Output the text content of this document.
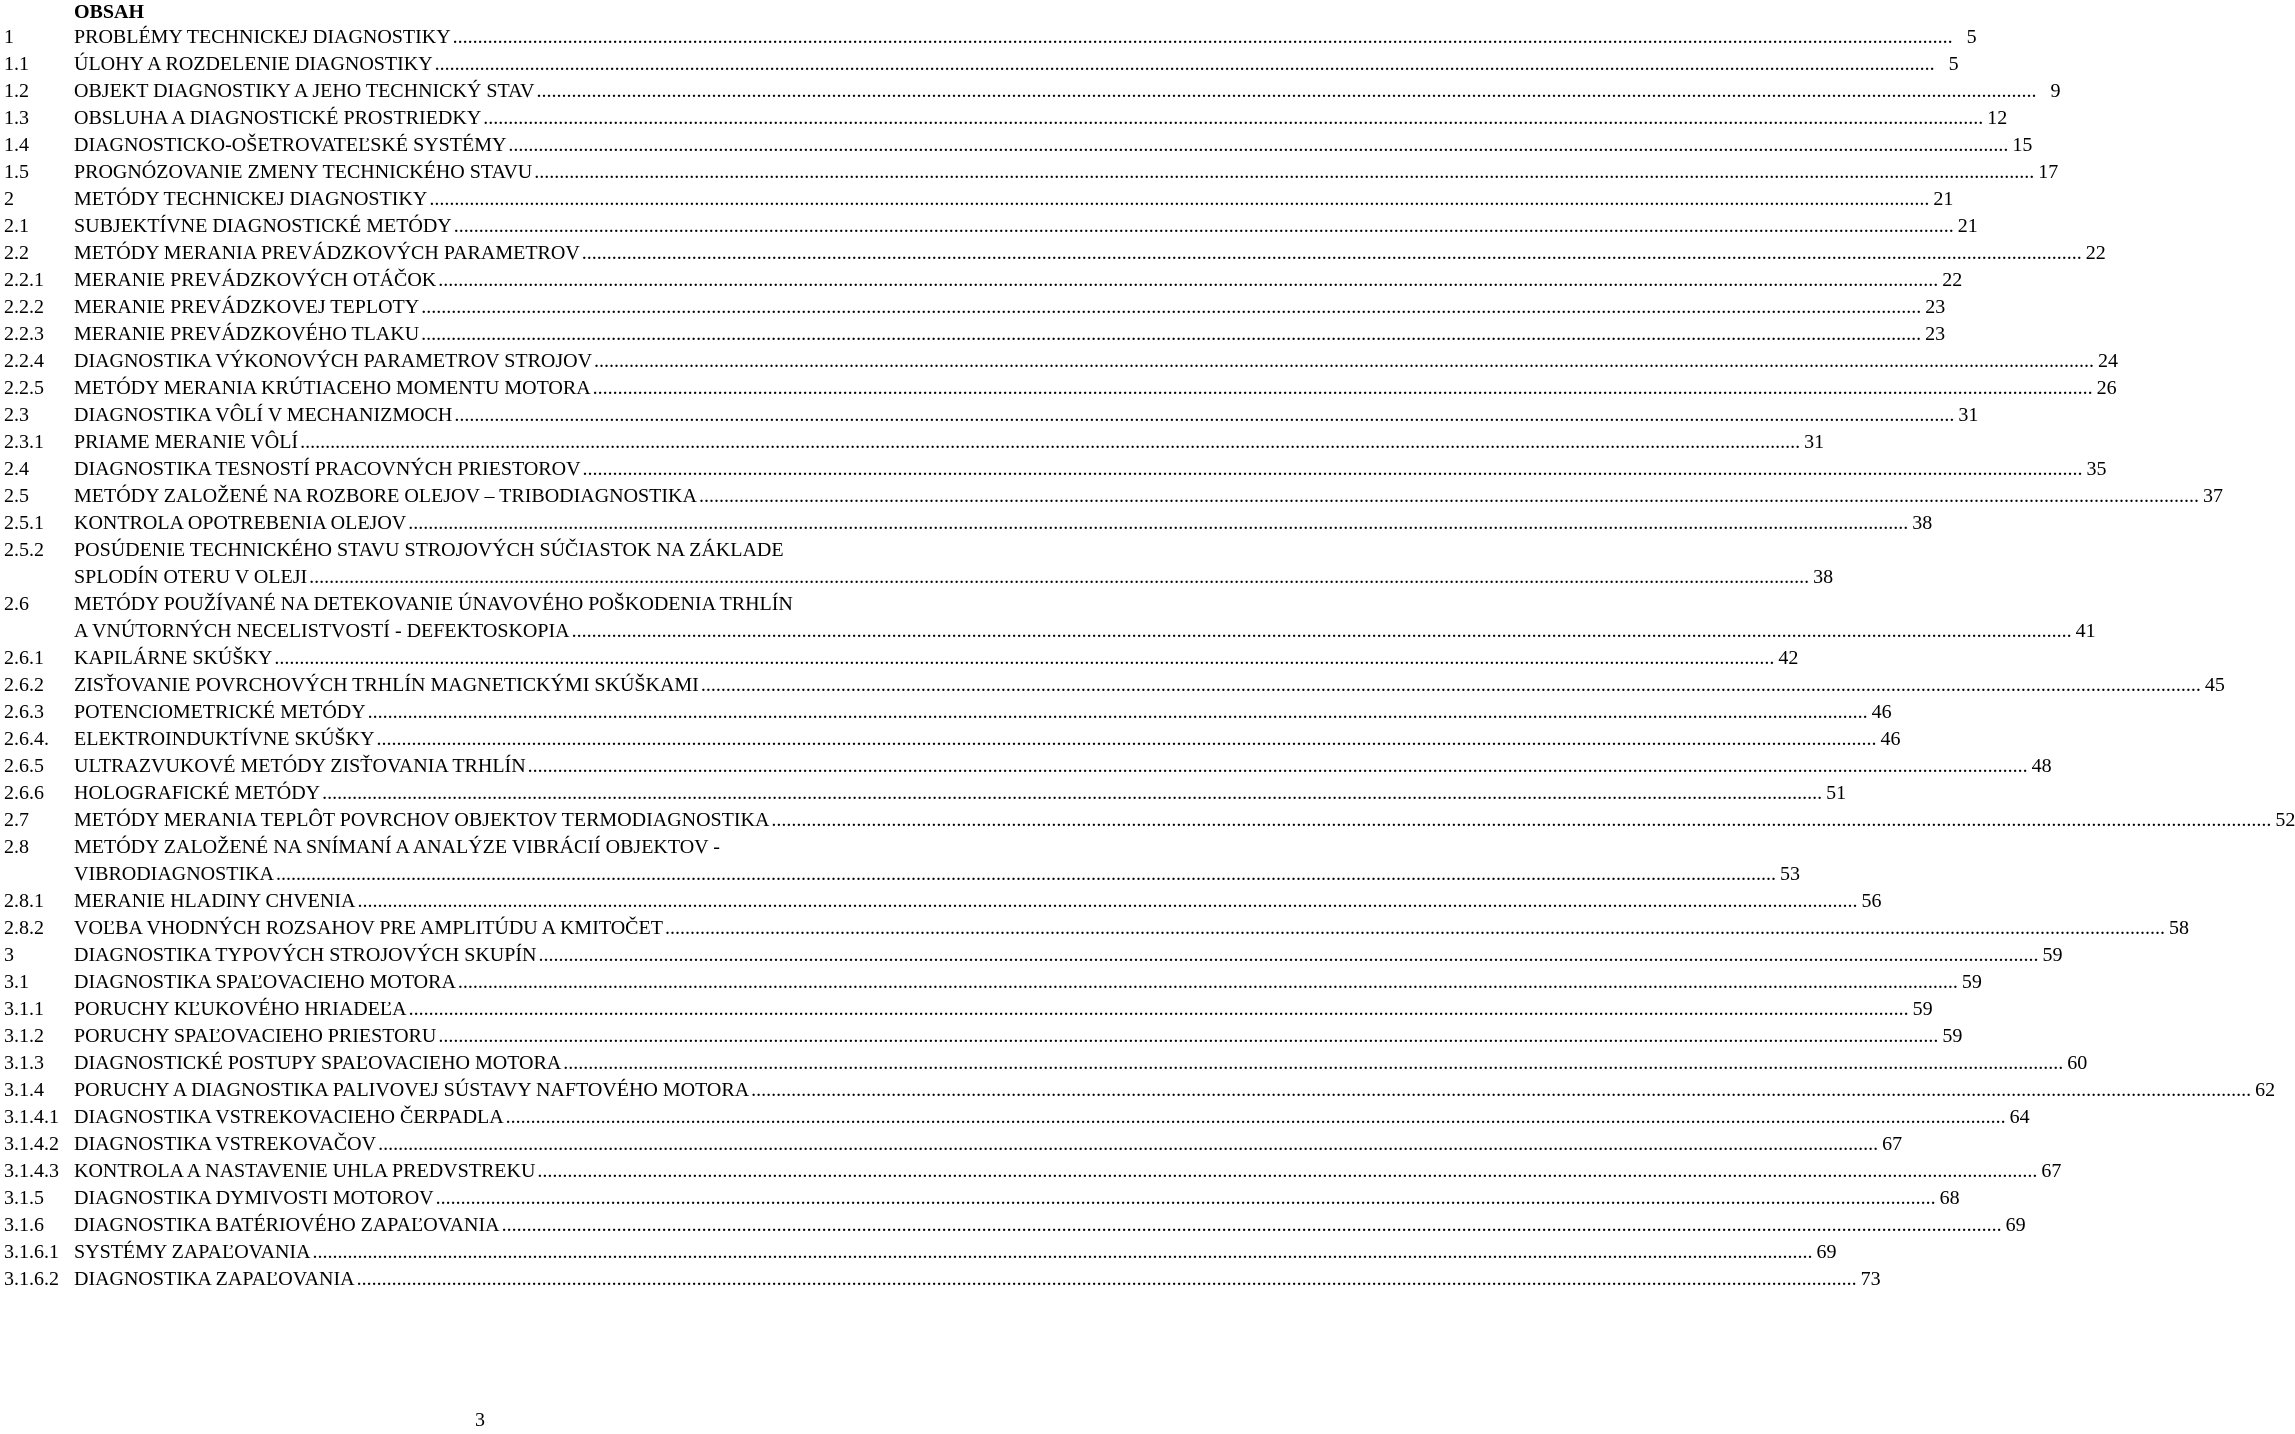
OBSAH
1	PROBLÉMY TECHNICKEJ DIAGNOSTIKY ............................................................................................................................................................................................................................................................................................................ 5
1.1 ÚLOHY A ROZDELENIE DIAGNOSTIKY ............................................................................................................................................................................................................................................................................................................ 5
1.2 OBJEKT DIAGNOSTIKY A JEHO TECHNICKÝ STAV ............................................................................................................................................................................................................................................................................................................ 9
1.3 OBSLUHA A DIAGNOSTICKÉ PROSTRIEDKY ............................................................................................................................................................................................................................................................................................................ 12
1.4 DIAGNOSTICKO-OŠETROVATEĽSKÉ SYSTÉMY ............................................................................................................................................................................................................................................................................................................ 15
1.5 PROGNÓZOVANIE ZMENY TECHNICKÉHO STAVU ............................................................................................................................................................................................................................................................................................................ 17
2	METÓDY TECHNICKEJ DIAGNOSTIKY ............................................................................................................................................................................................................................................................................................................ 21
2.1 SUBJEKTÍVNE DIAGNOSTICKÉ METÓDY ............................................................................................................................................................................................................................................................................................................ 21
2.2 METÓDY MERANIA PREVÁDZKOVÝCH PARAMETROV ............................................................................................................................................................................................................................................................................................................ 22
2.2.1 MERANIE PREVÁDZKOVÝCH OTÁČOK ............................................................................................................................................................................................................................................................................................................ 22
2.2.2 MERANIE PREVÁDZKOVEJ TEPLOTY ............................................................................................................................................................................................................................................................................................................ 23
2.2.3 MERANIE PREVÁDZKOVÉHO TLAKU ............................................................................................................................................................................................................................................................................................................ 23
2.2.4 DIAGNOSTIKA VÝKONOVÝCH PARAMETROV STROJOV ............................................................................................................................................................................................................................................................................................................ 24
2.2.5 METÓDY MERANIA KRÚTIACEHO MOMENTU MOTORA ............................................................................................................................................................................................................................................................................................................ 26
2.3 DIAGNOSTIKA VÔLÍ V MECHANIZMOCH ............................................................................................................................................................................................................................................................................................................ 31
2.3.1 PRIAME MERANIE VÔLÍ ............................................................................................................................................................................................................................................................................................................ 31
2.4 DIAGNOSTIKA TESNOSTÍ PRACOVNÝCH PRIESTOROV ............................................................................................................................................................................................................................................................................................................ 35
2.5 METÓDY ZALOŽENÉ NA ROZBORE OLEJOV – TRIBODIAGNOSTIKA ............................................................................................................................................................................................................................................................................................................ 37
2.5.1 KONTROLA OPOTREBENIA OLEJOV ............................................................................................................................................................................................................................................................................................................ 38
2.5.2 POSÚDENIE TECHNICKÉHO STAVU STROJOVÝCH SÚČIASTOK NA ZÁKLADE
SPLODÍN OTERU V OLEJI ............................................................................................................................................................................................................................................................................................................ 38
2.6 METÓDY POUŽÍVANÉ NA DETEKOVANIE ÚNAVOVÉHO POŠKODENIA TRHLÍN
A VNÚTORNÝCH NECELISTVOSTÍ - DEFEKTOSKOPIA ............................................................................................................................................................................................................................................................................................................ 41
2.6.1 KAPILÁRNE SKÚŠKY ............................................................................................................................................................................................................................................................................................................ 42
2.6.2 ZISŤOVANIE POVRCHOVÝCH TRHLÍN MAGNETICKÝMI SKÚŠKAMI ............................................................................................................................................................................................................................................................................................................ 45
2.6.3 POTENCIOMETRICKÉ METÓDY ............................................................................................................................................................................................................................................................................................................ 46
2.6.4. ELEKTROINDUKTÍVNE SKÚŠKY ............................................................................................................................................................................................................................................................................................................ 46
2.6.5 ULTRAZVUKOVÉ METÓDY ZISŤOVANIA TRHLÍN ............................................................................................................................................................................................................................................................................................................ 48
2.6.6 HOLOGRAFICKÉ METÓDY ............................................................................................................................................................................................................................................................................................................ 51
2.7 METÓDY MERANIA TEPLÔT POVRCHOV OBJEKTOV TERMODIAGNOSTIKA ............................................................................................................................................................................................................................................................................................................ 52
2.8 METÓDY ZALOŽENÉ NA SNÍMANÍ A ANALÝZE VIBRÁCIÍ OBJEKTOV -
VIBRODIAGNOSTIKA ............................................................................................................................................................................................................................................................................................................ 53
2.8.1 MERANIE HLADINY CHVENIA ............................................................................................................................................................................................................................................................................................................ 56
2.8.2 VOĽBA VHODNÝCH ROZSAHOV PRE AMPLITÚDU A KMITOČET ............................................................................................................................................................................................................................................................................................................ 58
3	DIAGNOSTIKA TYPOVÝCH STROJOVÝCH SKUPÍN ............................................................................................................................................................................................................................................................................................................ 59
3.1 DIAGNOSTIKA SPAĽOVACIEHO MOTORA ............................................................................................................................................................................................................................................................................................................ 59
3.1.1 PORUCHY KĽUKOVÉHO HRIADEĽA ............................................................................................................................................................................................................................................................................................................ 59
3.1.2 PORUCHY SPAĽOVACIEHO PRIESTORU ............................................................................................................................................................................................................................................................................................................ 59
3.1.3 DIAGNOSTICKÉ POSTUPY SPAĽOVACIEHO MOTORA ............................................................................................................................................................................................................................................................................................................ 60
3.1.4 PORUCHY A DIAGNOSTIKA PALIVOVEJ SÚSTAVY NAFTOVÉHO MOTORA ............................................................................................................................................................................................................................................................................................................ 62
3.1.4.1 DIAGNOSTIKA VSTREKOVACIEHO ČERPADLA ............................................................................................................................................................................................................................................................................................................ 64
3.1.4.2 DIAGNOSTIKA VSTREKOVAČOV ............................................................................................................................................................................................................................................................................................................ 67
3.1.4.3 KONTROLA A NASTAVENIE UHLA PREDVSTREKU ............................................................................................................................................................................................................................................................................................................ 67
3.1.5 DIAGNOSTIKA DYMIVOSTI MOTOROV ............................................................................................................................................................................................................................................................................................................ 68
3.1.6 DIAGNOSTIKA BATÉRIOVÉHO ZAPAĽOVANIA ............................................................................................................................................................................................................................................................................................................ 69
3.1.6.1 SYSTÉMY ZAPAĽOVANIA ............................................................................................................................................................................................................................................................................................................ 69
3.1.6.2 DIAGNOSTIKA ZAPAĽOVANIA ............................................................................................................................................................................................................................................................................................................ 73
3
